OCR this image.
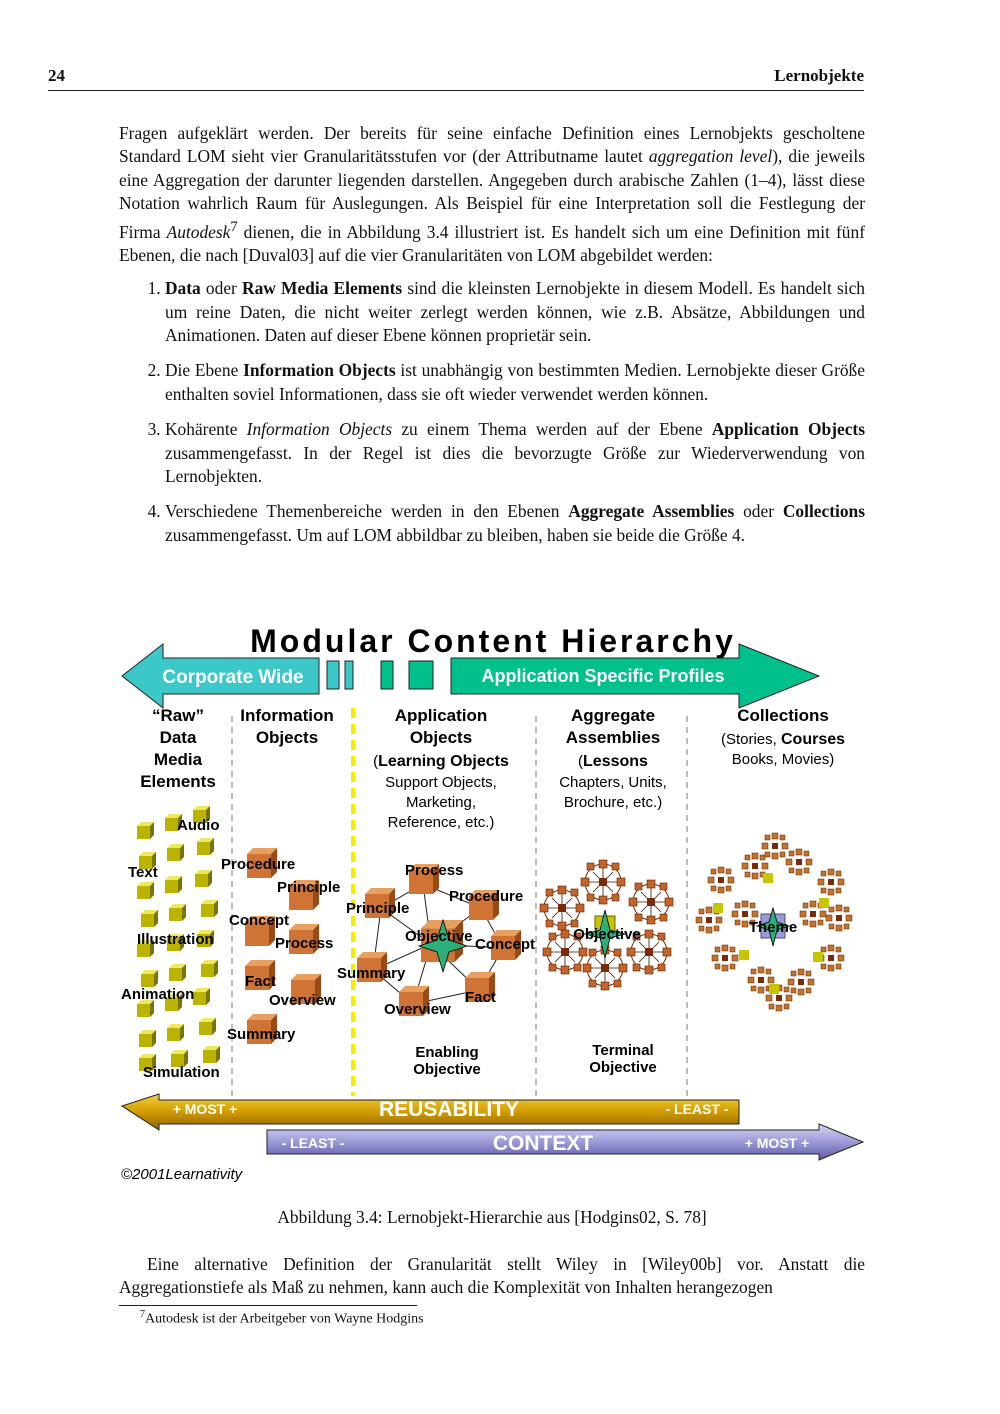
24	Lernobjekte

Fragen aufgeklärt werden. Der bereits für seine einfache Definition eines Lernobjekts gescholtene Standard LOM sieht vier Granularitätsstufen vor (der Attributname lautet aggregation level), die jeweils eine Aggregation der darunter liegenden darstellen. Angegeben durch arabische Zahlen (1–4), lässt diese Notation wahrlich Raum für Auslegungen. Als Beispiel für eine Interpretation soll die Festlegung der Firma Autodesk$^7$ dienen, die in Abbildung 3.4 illustriert ist. Es handelt sich um eine Definition mit fünf Ebenen, die nach [Duval03] auf die vier Granularitäten von LOM abgebildet werden:

1. Data oder Raw Media Elements sind die kleinsten Lernobjekte in diesem Modell. Es handelt sich um reine Daten, die nicht weiter zerlegt werden können, wie z.B. Absätze, Abbildungen und Animationen. Daten auf dieser Ebene können proprietär sein.
2. Die Ebene Information Objects ist unabhängig von bestimmten Medien. Lernobjekte dieser Größe enthalten soviel Informationen, dass sie oft wieder verwendet werden können.
3. Kohärente Information Objects zu einem Thema werden auf der Ebene Application Objects zusammengefasst. In der Regel ist dies die bevorzugte Größe zur Wiederverwendung von Lernobjekten.
4. Verschiedene Themenbereiche werden in den Ebenen Aggregate Assemblies oder Collections zusammengefasst. Um auf LOM abbildbar zu bleiben, haben sie beide die Größe 4.
Modular Content Hierarchy
Corporate Wide	Application Specific Profiles
“Raw”
Data
Media
Elements
Information
Objects
Application
Objects
Aggregate
Assemblies
Collections
(Learning Objects
Support Objects,
Marketing,
Reference, etc.)
(Lessons
Chapters, Units,
Brochure, etc.)
(Stories, Courses
Books, Movies)
Audio
Text
Illustration
Animation
Simulation
Procedure
Principle
Concept
Process
Fact
Overview
Summary
Process
Procedure
Principle
Objective Concept
Summary
Fact
Overview
Enabling
Objective
Objective
Terminal
Objective
Theme
+ MOST +	REUSABILITY	- LEAST -
- LEAST -	CONTEXT	+ MOST +
©2001Learnativity
Abbildung 3.4: Lernobjekt-Hierarchie aus [Hodgins02, S. 78]
Eine alternative Definition der Granularität stellt Wiley in [Wiley00b] vor. Anstatt die Aggregationstiefe als Maß zu nehmen, kann auch die Komplexität von Inhalten herangezogen
$^7$Autodesk ist der Arbeitgeber von Wayne Hodgins
